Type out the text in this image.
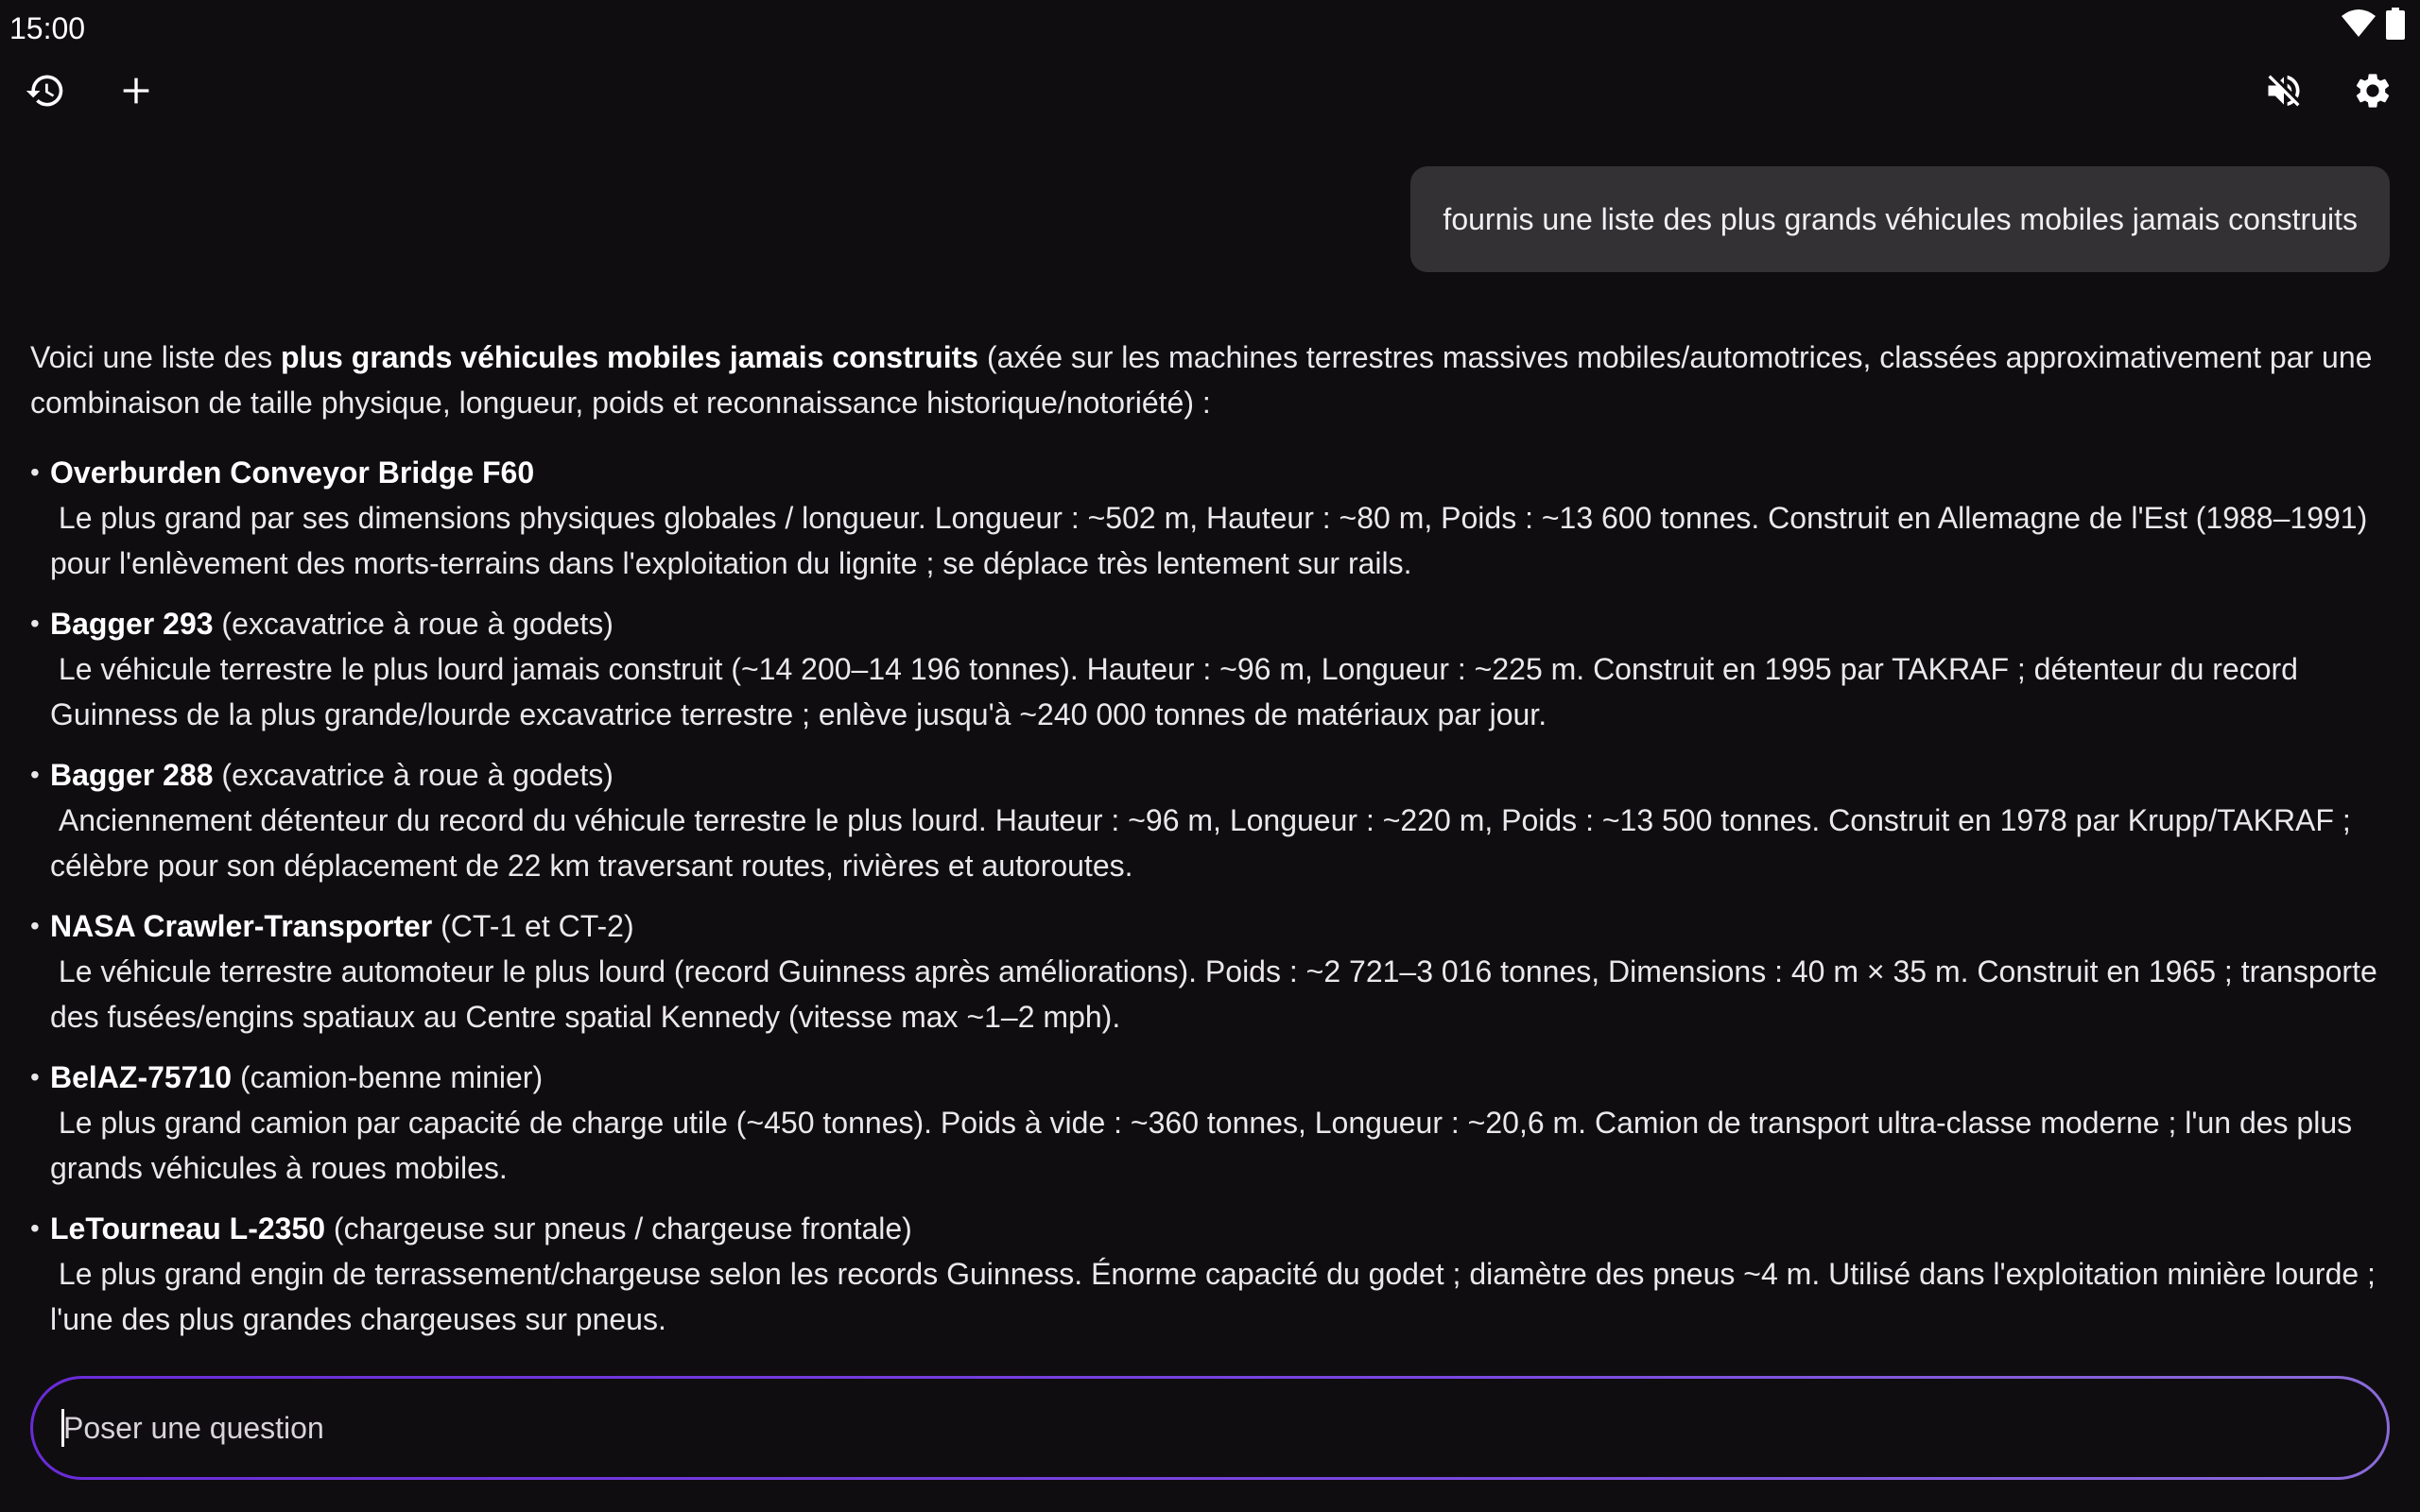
15:00
fournis une liste des plus grands véhicules mobiles jamais construits

Voici une liste des plus grands véhicules mobiles jamais construits (axée sur les machines terrestres massives mobiles/automotrices, classées approximativement par une combinaison de taille physique, longueur, poids et reconnaissance historique/notoriété) :

• Overburden Conveyor Bridge F60
Le plus grand par ses dimensions physiques globales / longueur. Longueur : ~502 m, Hauteur : ~80 m, Poids : ~13 600 tonnes. Construit en Allemagne de l'Est (1988–1991) pour l'enlèvement des morts-terrains dans l'exploitation du lignite ; se déplace très lentement sur rails.
• Bagger 293 (excavatrice à roue à godets)
Le véhicule terrestre le plus lourd jamais construit (~14 200–14 196 tonnes). Hauteur : ~96 m, Longueur : ~225 m. Construit en 1995 par TAKRAF ; détenteur du record Guinness de la plus grande/lourde excavatrice terrestre ; enlève jusqu'à ~240 000 tonnes de matériaux par jour.
• Bagger 288 (excavatrice à roue à godets)
Anciennement détenteur du record du véhicule terrestre le plus lourd. Hauteur : ~96 m, Longueur : ~220 m, Poids : ~13 500 tonnes. Construit en 1978 par Krupp/TAKRAF ; célèbre pour son déplacement de 22 km traversant routes, rivières et autoroutes.
• NASA Crawler-Transporter (CT-1 et CT-2)
Le véhicule terrestre automoteur le plus lourd (record Guinness après améliorations). Poids : ~2 721–3 016 tonnes, Dimensions : 40 m × 35 m. Construit en 1965 ; transporte des fusées/engins spatiaux au Centre spatial Kennedy (vitesse max ~1–2 mph).
• BelAZ-75710 (camion-benne minier)
Le plus grand camion par capacité de charge utile (~450 tonnes). Poids à vide : ~360 tonnes, Longueur : ~20,6 m. Camion de transport ultra-classe moderne ; l'un des plus grands véhicules à roues mobiles.
• LeTourneau L-2350 (chargeuse sur pneus / chargeuse frontale)
Le plus grand engin de terrassement/chargeuse selon les records Guinness. Énorme capacité du godet ; diamètre des pneus ~4 m. Utilisé dans l'exploitation minière lourde ; l'une des plus grandes chargeuses sur pneus.
Poser une question
